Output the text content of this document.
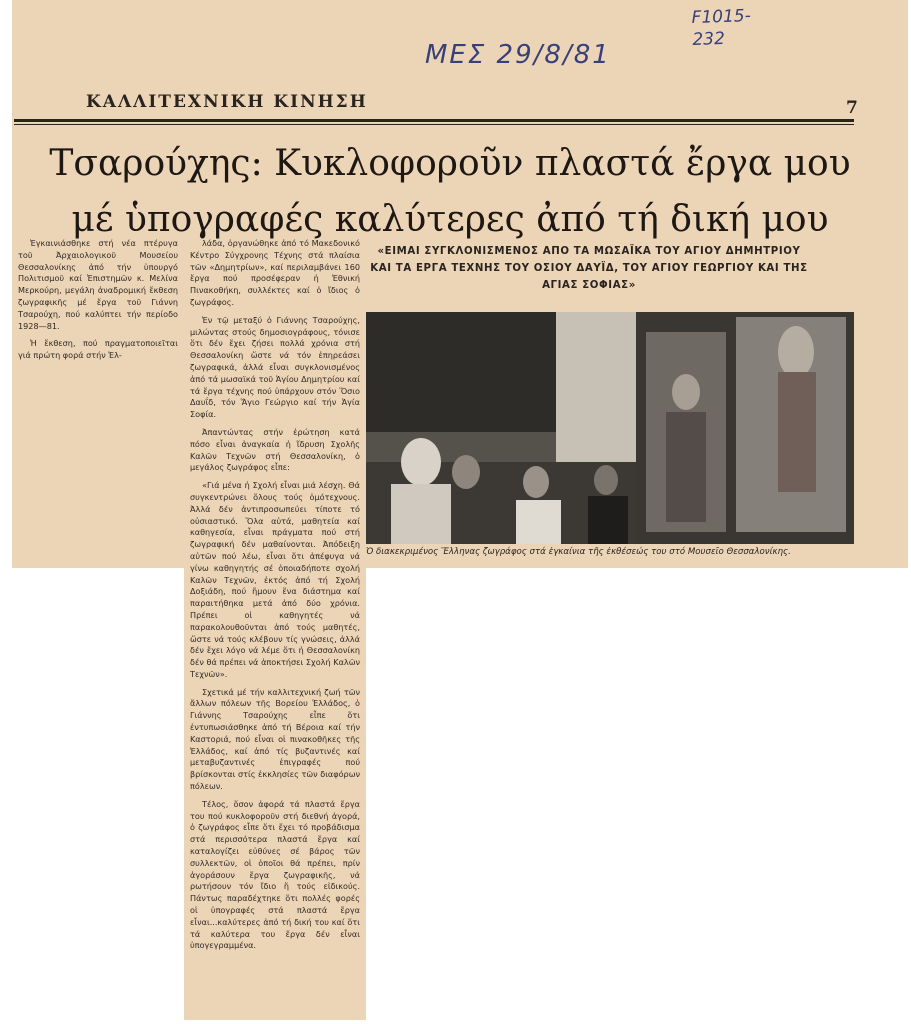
F1015-
232
ΜΕΣ 29/8/81
ΚΑΛΛΙΤΕΧΝΙΚΗ ΚΙΝΗΣΗ	7
Τσαρούχης: Κυκλοφοροῦν πλαστά ἔργα μου
μέ ὑπογραφές καλύτερες ἀπό τή δική μου
«ΕΙΜΑΙ ΣΥΓΚΛΟΝΙΣΜΕΝΟΣ ΑΠΟ ΤΑ ΜΩΣΑΪΚΑ ΤΟΥ ΑΓΙΟΥ ΔΗΜΗΤΡΙΟΥ ΚΑΙ ΤΑ ΕΡΓΑ ΤΕΧΝΗΣ ΤΟΥ ΟΣΙΟΥ ΔΑΥΪΔ, ΤΟΥ ΑΓΙΟΥ ΓΕΩΡΓΙΟΥ ΚΑΙ ΤΗΣ ΑΓΙΑΣ ΣΟΦΙΑΣ»

Ἐγκαινιάσθηκε στή νέα πτέρυγα τοῦ Ἀρχαιολογικοῦ Μουσείου Θεσσαλονίκης ἀπό τήν ὑπουργό Πολιτισμοῦ καί Ἐπιστημῶν κ. Μελίνα Μερκούρη, μεγάλη ἀναδρομική ἔκθεση ζωγραφικῆς μέ ἔργα τοῦ Γιάννη Τσαρούχη, πού καλύπτει τήν περίοδο 1928—81.

Ἡ ἔκθεση, πού πραγματοποιεῖται γιά πρώτη φορά στήν Ἑλ-

λάδα, ὀργανώθηκε ἀπό τό Μακεδονικό Κέντρο Σύγχρονης Τέχνης στά πλαίσια τῶν «Δημητρίων», καί περιλαμβάνει 160 ἔργα πού προσέφεραν ἡ Ἐθνική Πινακοθήκη, συλλέκτες καί ὁ ἴδιος ὁ ζωγράφος.

Ἐν τῷ μεταξύ ὁ Γιάννης Τσαρούχης, μιλώντας στούς δημοσιογράφους, τόνισε ὅτι δέν ἔχει ζήσει πολλά χρόνια στή Θεσσαλονίκη ὥστε νά τόν ἐπηρεάσει ζωγραφικά, ἀλλά εἶναι συγκλονισμένος ἀπό τά μωσαϊκά τοῦ Ἁγίου Δημητρίου καί τά ἔργα τέχνης πού ὑπάρχουν στόν Ὅσιο Δαυΐδ, τόν Ἅγιο Γεώργιο καί τήν Ἁγία Σοφία.

Ἀπαντώντας στήν ἐρώτηση κατά πόσο εἶναι ἀναγκαία ἡ ἵδρυση Σχολῆς Καλῶν Τεχνῶν στή Θεσσαλονίκη, ὁ μεγάλος ζωγράφος εἶπε:

«Γιά μένα ἡ Σχολή εἶναι μιά λέσχη. Θά συγκεντρώνει ὅλους τούς ὁμότεχνους. Ἀλλά δέν ἀντιπροσωπεύει τίποτε τό οὐσιαστικό. Ὅλα αὐτά, μαθητεία καί καθηγεσία, εἶναι πράγματα πού στή ζωγραφική δέν μαθαίνονται. Ἀπόδειξη αὐτῶν πού λέω, εἶναι ὅτι ἀπέφυγα νά γίνω καθηγητής σέ ὁποιαδήποτε σχολή Καλῶν Τεχνῶν, ἐκτός ἀπό τή Σχολή Δοξιάδη, πού ἤμουν ἕνα διάστημα καί παραιτήθηκα μετά ἀπό δύο χρόνια. Πρέπει οἱ καθηγητές νά παρακολουθοῦνται ἀπό τούς μαθητές, ὥστε νά τούς κλέβουν τίς γνώσεις, ἀλλά δέν ἔχει λόγο νά λέμε ὅτι ἡ Θεσσαλονίκη δέν θά πρέπει νά ἀποκτήσει Σχολή Καλῶν Τεχνῶν».

Σχετικά μέ τήν καλλιτεχνική ζωή τῶν ἄλλων πόλεων τῆς Βορείου Ἑλλάδος, ὁ Γιάννης Τσαρούχης εἶπε ὅτι ἐντυπωσιάσθηκε ἀπό τή Βέροια καί τήν Καστοριά, πού εἶναι οἱ πινακοθῆκες τῆς Ἑλλάδος, καί ἀπό τίς βυζαντινές καί μεταβυζαντινές ἐπιγραφές πού βρίσκονται στίς ἐκκλησίες τῶν διαφόρων πόλεων.

Τέλος, ὅσον ἀφορά τά πλαστά ἔργα του πού κυκλοφοροῦν στή διεθνή ἀγορά, ὁ ζωγράφος εἶπε ὅτι ἔχει τό προβάδισμα στά περισσότερα πλαστά ἔργα καί καταλογίζει εὐθύνες σέ βάρος τῶν συλλεκτῶν, οἱ ὁποῖοι θά πρέπει, πρίν ἀγοράσουν ἔργα ζωγραφικῆς, νά ρωτήσουν τόν ἴδιο ἤ τούς εἰδικούς. Πάντως παραδέχτηκε ὅτι πολλές φορές οἱ ὑπογραφές στά πλαστά ἔργα εἶναι...καλύτερες ἀπό τή δική του καί ὅτι τά καλύτερα του ἔργα δέν εἶναι ὑπογεγραμμένα.

Ὁ διακεκριμένος Ἕλληνας ζωγράφος στά ἐγκαίνια τῆς ἐκθέσεώς του στό Μουσεῖο Θεσσαλονίκης.
